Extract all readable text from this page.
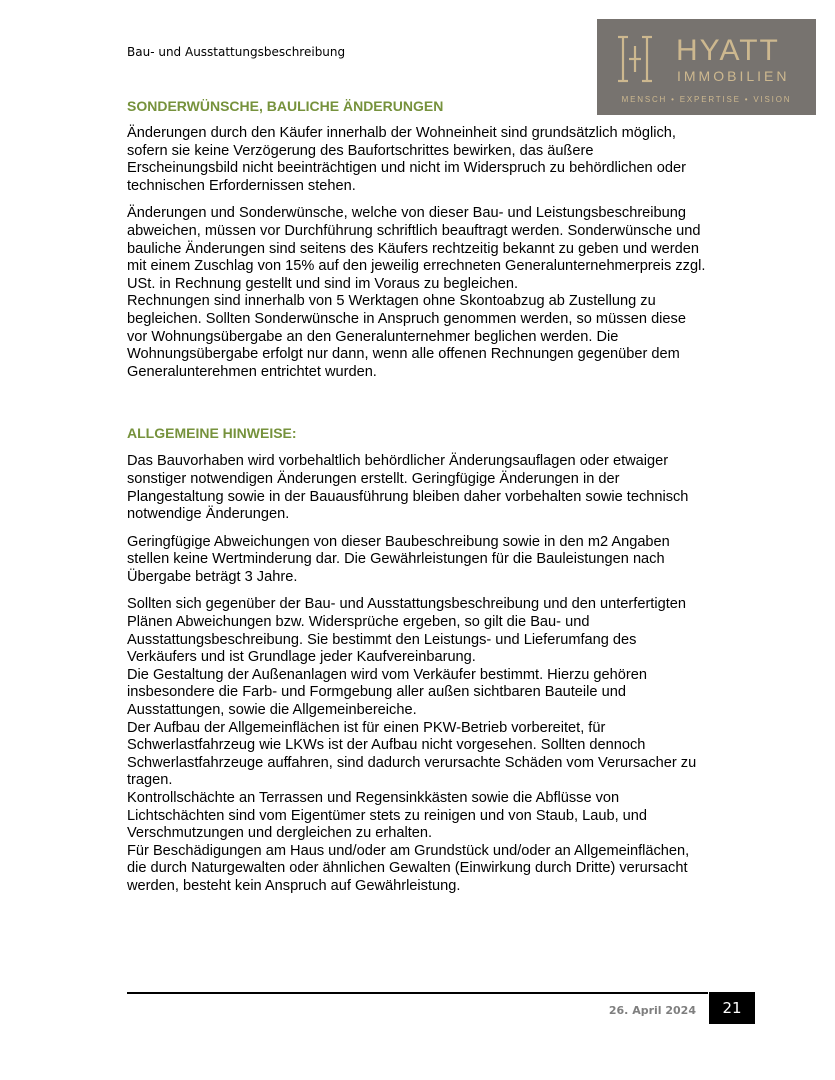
Bau- und Ausstattungsbeschreibung	HYATT
IMMOBILIEN
MENSCH • EXPERTISE • VISION
SONDERWÜNSCHE, BAULICHE ÄNDERUNGEN

Änderungen durch den Käufer innerhalb der Wohneinheit sind grundsätzlich möglich, sofern sie keine Verzögerung des Baufortschrittes bewirken, das äußere Erscheinungsbild nicht beeinträchtigen und nicht im Widerspruch zu behördlichen oder technischen Erfordernissen stehen.

Änderungen und Sonderwünsche, welche von dieser Bau- und Leistungsbeschreibung abweichen, müssen vor Durchführung schriftlich beauftragt werden. Sonderwünsche und bauliche Änderungen sind seitens des Käufers rechtzeitig bekannt zu geben und werden mit einem Zuschlag von 15% auf den jeweilig errechneten Generalunternehmerpreis zzgl. USt. in Rechnung gestellt und sind im Voraus zu begleichen.

Rechnungen sind innerhalb von 5 Werktagen ohne Skontoabzug ab Zustellung zu begleichen. Sollten Sonderwünsche in Anspruch genommen werden, so müssen diese vor Wohnungsübergabe an den Generalunternehmer beglichen werden. Die Wohnungsübergabe erfolgt nur dann, wenn alle offenen Rechnungen gegenüber dem Generalunterehmen entrichtet wurden.

ALLGEMEINE HINWEISE:

Das Bauvorhaben wird vorbehaltlich behördlicher Änderungsauflagen oder etwaiger sonstiger notwendigen Änderungen erstellt. Geringfügige Änderungen in der Plangestaltung sowie in der Bauausführung bleiben daher vorbehalten sowie technisch notwendige Änderungen.

Geringfügige Abweichungen von dieser Baubeschreibung sowie in den m2 Angaben stellen keine Wertminderung dar. Die Gewährleistungen für die Bauleistungen nach Übergabe beträgt 3 Jahre.

Sollten sich gegenüber der Bau- und Ausstattungsbeschreibung und den unterfertigten Plänen Abweichungen bzw. Widersprüche ergeben, so gilt die Bau- und Ausstattungsbeschreibung. Sie bestimmt den Leistungs- und Lieferumfang des Verkäufers und ist Grundlage jeder Kaufvereinbarung.

Die Gestaltung der Außenanlagen wird vom Verkäufer bestimmt. Hierzu gehören insbesondere die Farb- und Formgebung aller außen sichtbaren Bauteile und Ausstattungen, sowie die Allgemeinbereiche.

Der Aufbau der Allgemeinflächen ist für einen PKW-Betrieb vorbereitet, für Schwerlastfahrzeug wie LKWs ist der Aufbau nicht vorgesehen. Sollten dennoch Schwerlastfahrzeuge auffahren, sind dadurch verursachte Schäden vom Verursacher zu tragen.

Kontrollschächte an Terrassen und Regensinkkästen sowie die Abflüsse von Lichtschächten sind vom Eigentümer stets zu reinigen und von Staub, Laub, und Verschmutzungen und dergleichen zu erhalten.

Für Beschädigungen am Haus und/oder am Grundstück und/oder an Allgemeinflächen, die durch Naturgewalten oder ähnlichen Gewalten (Einwirkung durch Dritte) verursacht werden, besteht kein Anspruch auf Gewährleistung.

26. April 2024	21
